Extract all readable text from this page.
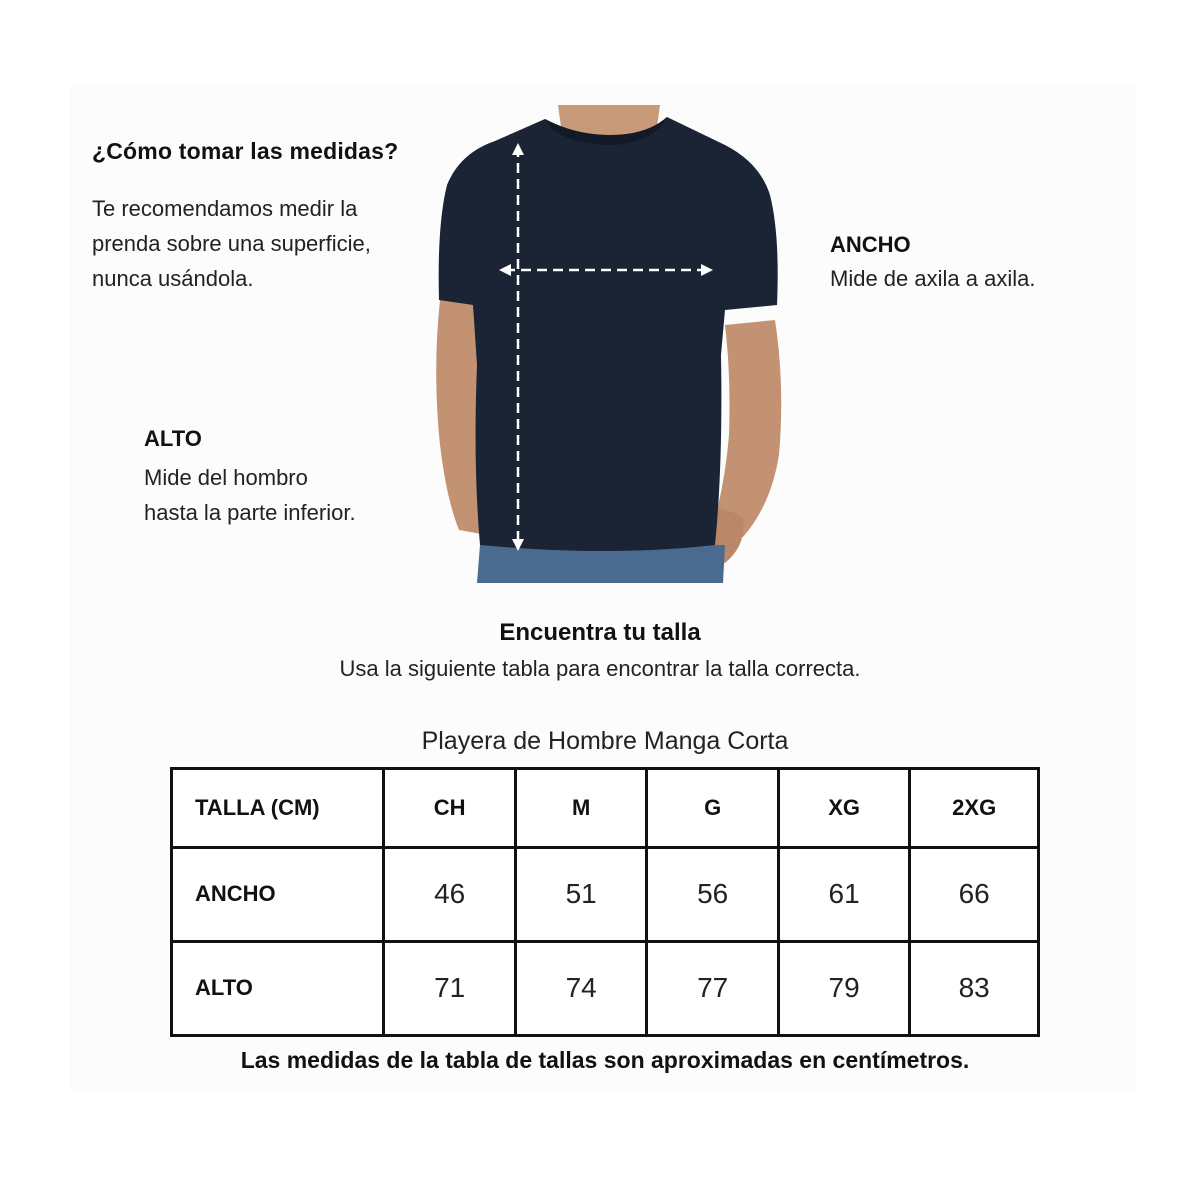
¿Cómo tomar las medidas?
Te recomendamos medir la
prenda sobre una superficie,
nunca usándola.
ANCHO
Mide de axila a axila.
ALTO
Mide del hombro
hasta la parte inferior.
Encuentra tu talla
Usa la siguiente tabla para encontrar la talla correcta.
Playera de Hombre Manga Corta
TALLA (CM)	CH	M	G	XG	2XG
ANCHO	46	51	56	61	66
ALTO	71	74	77	79	83
Las medidas de la tabla de tallas son aproximadas en centímetros.
